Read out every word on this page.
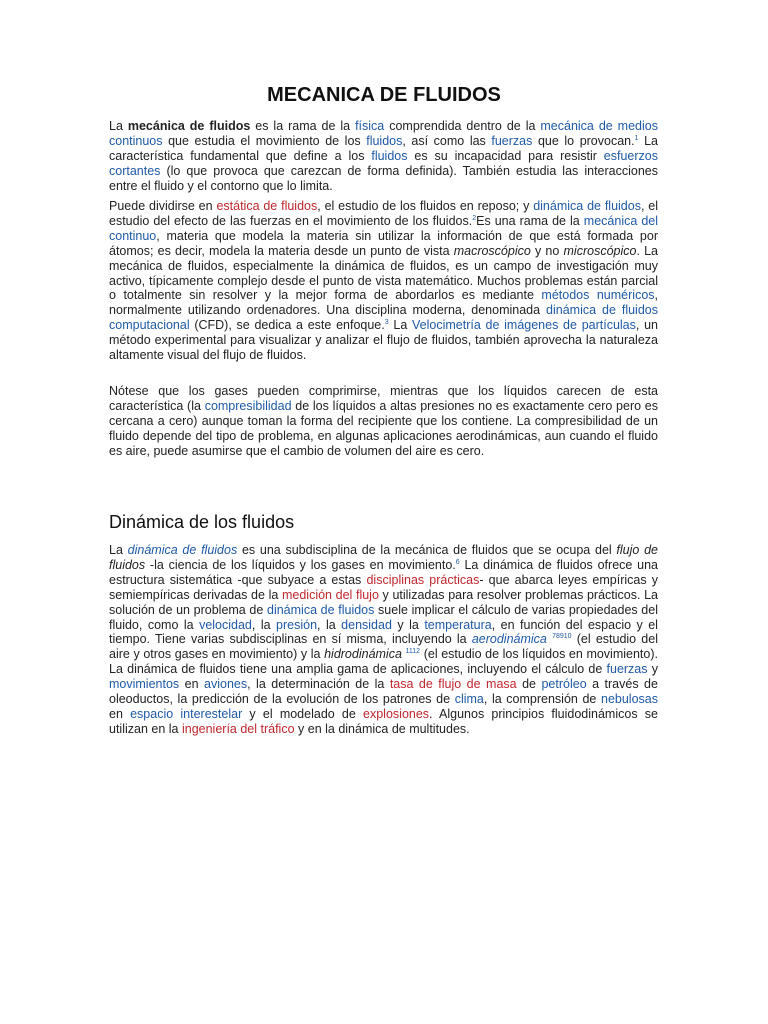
MECANICA DE FLUIDOS

La mecánica de fluidos es la rama de la física comprendida dentro de la mecánica de medios continuos que estudia el movimiento de los fluidos, así como las fuerzas que lo provocan.$^1$ La característica fundamental que define a los fluidos es su incapacidad para resistir esfuerzos cortantes (lo que provoca que carezcan de forma definida). También estudia las interacciones entre el fluido y el contorno que lo limita.

Puede dividirse en estática de fluidos, el estudio de los fluidos en reposo; y dinámica de fluidos, el estudio del efecto de las fuerzas en el movimiento de los fluidos.$^2$Es una rama de la mecánica del continuo, materia que modela la materia sin utilizar la información de que está formada por átomos; es decir, modela la materia desde un punto de vista macroscópico y no microscópico. La mecánica de fluidos, especialmente la dinámica de fluidos, es un campo de investigación muy activo, típicamente complejo desde el punto de vista matemático. Muchos problemas están parcial o totalmente sin resolver y la mejor forma de abordarlos es mediante métodos numéricos, normalmente utilizando ordenadores. Una disciplina moderna, denominada dinámica de fluidos computacional (CFD), se dedica a este enfoque.$^3$ La Velocimetría de imágenes de partículas, un método experimental para visualizar y analizar el flujo de fluidos, también aprovecha la naturaleza altamente visual del flujo de fluidos.

Nótese que los gases pueden comprimirse, mientras que los líquidos carecen de esta característica (la compresibilidad de los líquidos a altas presiones no es exactamente cero pero es cercana a cero) aunque toman la forma del recipiente que los contiene. La compresibilidad de un fluido depende del tipo de problema, en algunas aplicaciones aerodinámicas, aun cuando el fluido es aire, puede asumirse que el cambio de volumen del aire es cero.

Dinámica de los fluidos

La dinámica de fluidos es una subdisciplina de la mecánica de fluidos que se ocupa del flujo de fluidos -la ciencia de los líquidos y los gases en movimiento.$^6$ La dinámica de fluidos ofrece una estructura sistemática -que subyace a estas disciplinas prácticas- que abarca leyes empíricas y semiempíricas derivadas de la medición del flujo y utilizadas para resolver problemas prácticos. La solución de un problema de dinámica de fluidos suele implicar el cálculo de varias propiedades del fluido, como la velocidad, la presión, la densidad y la temperatura, en función del espacio y el tiempo. Tiene varias subdisciplinas en sí misma, incluyendo la aerodinámica $^{78910}$ (el estudio del aire y otros gases en movimiento) y la hidrodinámica $^{1112}$ (el estudio de los líquidos en movimiento). La dinámica de fluidos tiene una amplia gama de aplicaciones, incluyendo el cálculo de fuerzas y movimientos en aviones, la determinación de la tasa de flujo de masa de petróleo a través de oleoductos, la predicción de la evolución de los patrones de clima, la comprensión de nebulosas en espacio interestelar y el modelado de explosiones. Algunos principios fluidodinámicos se utilizan en la ingeniería del tráfico y en la dinámica de multitudes.
